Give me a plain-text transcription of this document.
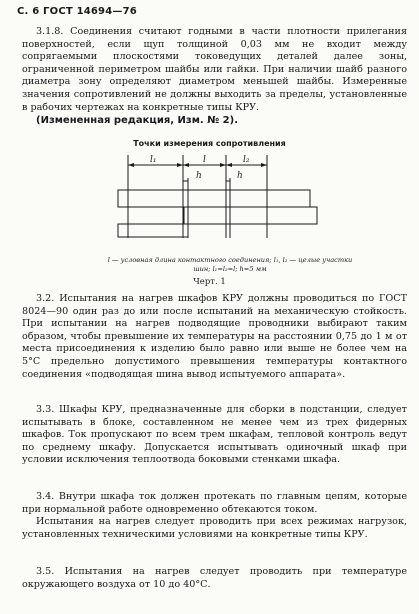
С. 6 ГОСТ 14694—76
3.1.8. Соединения считают годными в части плотности прилегания поверхностей, если щуп толщиной 0,03 мм не входит между сопрягаемыми плоскостями токоведущих деталей далее зоны, ограниченной периметром шайбы или гайки. При наличии шайб разного диаметра зону определяют диаметром меньшей шайбы. Измеренные значения сопротивлений не должны выходить за пределы, установленные в рабочих чертежах на конкретные типы КРУ.
(Измененная редакция, Изм. № 2).
Точки измерения сопротивления
l₁	l	l₂
h	h
l — условная длина контактного соединения; l₁, l₂ — целые участки шин; l₁=l₂=l; h=5 мм
Черт. 1
3.2. Испытания на нагрев шкафов КРУ должны проводиться по ГОСТ 8024—90 один раз до или после испытаний на механическую стойкость. При испытании на нагрев подводящие проводники выбирают таким образом, чтобы превышение их температуры на расстоянии 0,75 до 1 м от места присоединения к изделию было равно или выше не более чем на 5°С предельно допустимого превышения температуры контактного соединения «подводящая шина вывод испытуемого аппарата».
3.3. Шкафы КРУ, предназначенные для сборки в подстанции, следует испытывать в блоке, составленном не менее чем из трех фидерных шкафов. Ток пропускают по всем трем шкафам, тепловой контроль ведут по среднему шкафу. Допускается испытывать одиночный шкаф при условии исключения теплоотвода боковыми стенками шкафа.
3.4. Внутри шкафа ток должен протекать по главным цепям, которые при нормальной работе одновременно обтекаются током.
Испытания на нагрев следует проводить при всех режимах нагрузок, установленных техническими условиями на конкретные типы КРУ.
3.5. Испытания на нагрев следует проводить при температуре окружающего воздуха от 10 до 40°С.
